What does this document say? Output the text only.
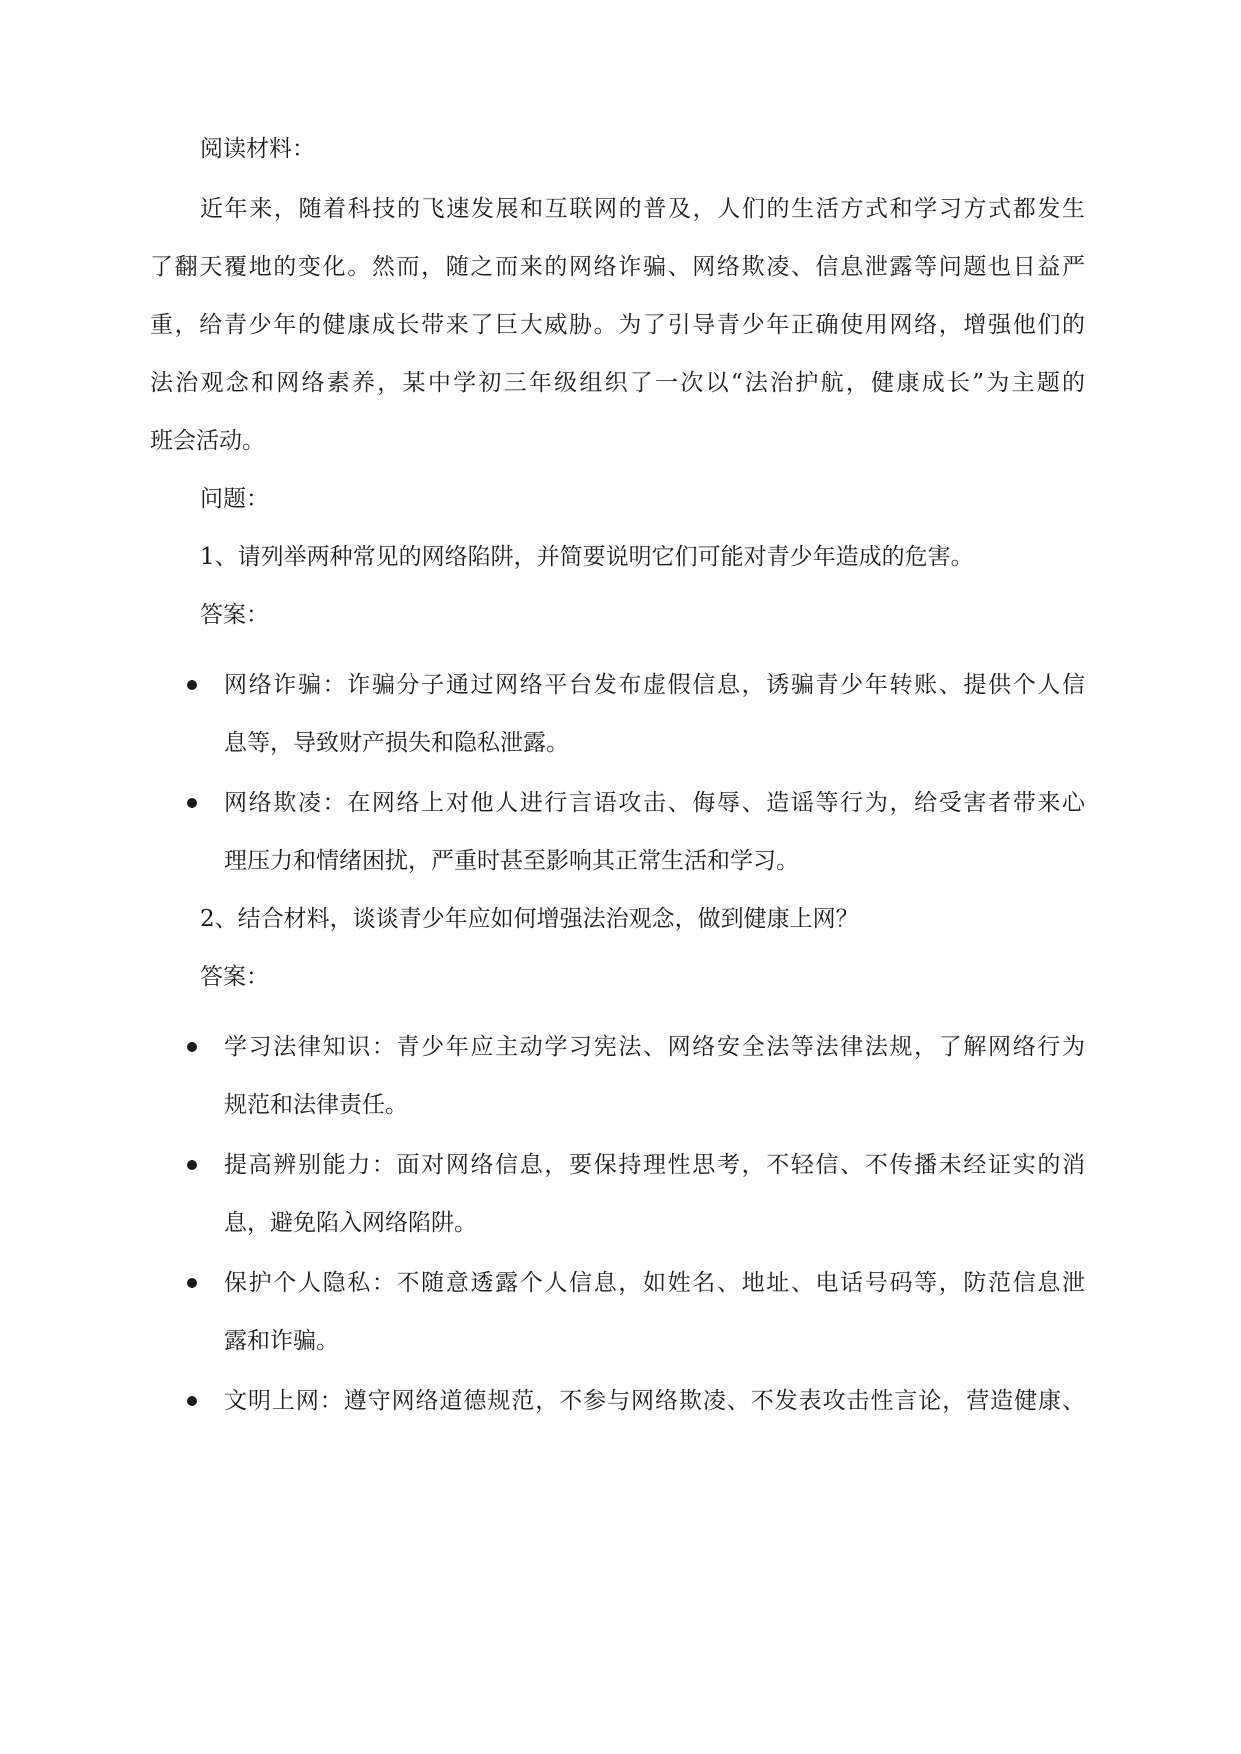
阅读材料：
近年来，随着科技的飞速发展和互联网的普及，人们的生活方式和学习方式都发生
了翻天覆地的变化。然而，随之而来的网络诈骗、网络欺凌、信息泄露等问题也日益严
重，给青少年的健康成长带来了巨大威胁。为了引导青少年正确使用网络，增强他们的
法治观念和网络素养，某中学初三年级组织了一次以“法治护航，健康成长”为主题的
班会活动。
问题：
1、请列举两种常见的网络陷阱，并简要说明它们可能对青少年造成的危害。
答案：
网络诈骗：诈骗分子通过网络平台发布虚假信息，诱骗青少年转账、提供个人信
息等，导致财产损失和隐私泄露。
网络欺凌：在网络上对他人进行言语攻击、侮辱、造谣等行为，给受害者带来心
理压力和情绪困扰，严重时甚至影响其正常生活和学习。
2、结合材料，谈谈青少年应如何增强法治观念，做到健康上网？
答案：
学习法律知识：青少年应主动学习宪法、网络安全法等法律法规，了解网络行为
规范和法律责任。
提高辨别能力：面对网络信息，要保持理性思考，不轻信、不传播未经证实的消
息，避免陷入网络陷阱。
保护个人隐私：不随意透露个人信息，如姓名、地址、电话号码等，防范信息泄
露和诈骗。
文明上网：遵守网络道德规范，不参与网络欺凌、不发表攻击性言论，营造健康、
